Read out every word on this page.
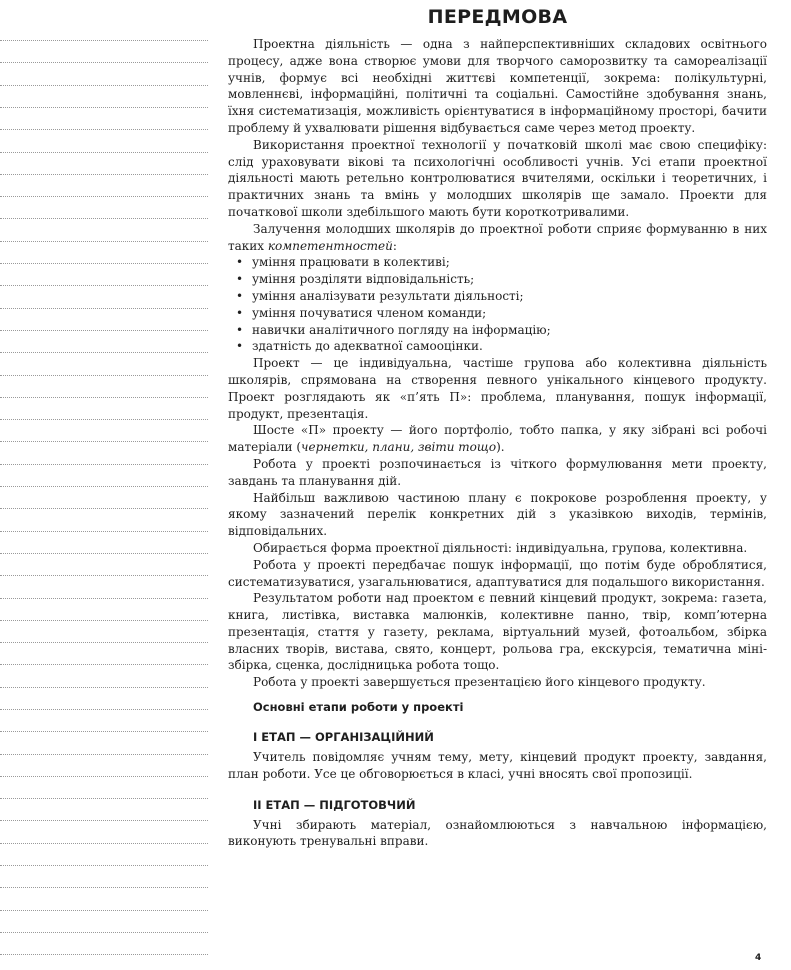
ПЕРЕДМОВА

Проектна діяльність — одна з найперспективніших складових освітнього процесу, адже вона створює умови для творчого саморозвитку та самореалізації учнів, формує всі необхідні життєві компетенції, зокрема: полікультурні, мовленнєві, інформаційні, політичні та соціальні. Самостійне здобування знань, їхня систематизація, можливість орієнтуватися в інформаційному просторі, бачити проблему й ухвалювати рішення відбувається саме через метод проекту.

Використання проектної технології у початковій школі має свою специфіку: слід ураховувати вікові та психологічні особливості учнів. Усі етапи проектної діяльності мають ретельно контролюватися вчителями, оскільки і теоретичних, і практичних знань та вмінь у молодших школярів ще замало. Проекти для початкової школи здебільшого мають бути короткотривалими.

Залучення молодших школярів до проектної роботи сприяє формуванню в них таких компетентностей:

• уміння працювати в колективі;
• уміння розділяти відповідальність;
• уміння аналізувати результати діяльності;
• уміння почуватися членом команди;
• навички аналітичного погляду на інформацію;
• здатність до адекватної самооцінки.

Проект — це індивідуальна, частіше групова або колективна діяльність школярів, спрямована на створення певного унікального кінцевого продукту. Проект розглядають як «п’ять П»: проблема, планування, пошук інформації, продукт, презентація.

Шосте «П» проекту — його портфоліо, тобто папка, у яку зібрані всі робочі матеріали (чернетки, плани, звіти тощо).

Робота у проекті розпочинається із чіткого формулювання мети проекту, завдань та планування дій.

Найбільш важливою частиною плану є покрокове розроблення проекту, у якому зазначений перелік конкретних дій з указівкою виходів, термінів, відповідальних.

Обирається форма проектної діяльності: індивідуальна, групова, колективна.

Робота у проекті передбачає пошук інформації, що потім буде оброблятися, систематизуватися, узагальнюватися, адаптуватися для подальшого використання.

Результатом роботи над проектом є певний кінцевий продукт, зокрема: газета, книга, листівка, виставка малюнків, колективне панно, твір, комп’ютерна презентація, стаття у газету, реклама, віртуальний музей, фотоальбом, збірка власних творів, вистава, свято, концерт, рольова гра, екскурсія, тематична міні-збірка, сценка, дослідницька робота тощо.

Робота у проекті завершується презентацією його кінцевого продукту.

Основні етапи роботи у проекті
І ЕТАП — ОРГАНІЗАЦІЙНИЙ

Учитель повідомляє учням тему, мету, кінцевий продукт проекту, завдання, план роботи. Усе це обговорюється в класі, учні вносять свої пропозиції.

ІІ ЕТАП — ПІДГОТОВЧИЙ

Учні збирають матеріал, ознайомлюються з навчальною інформацією, виконують тренувальні вправи.

4
